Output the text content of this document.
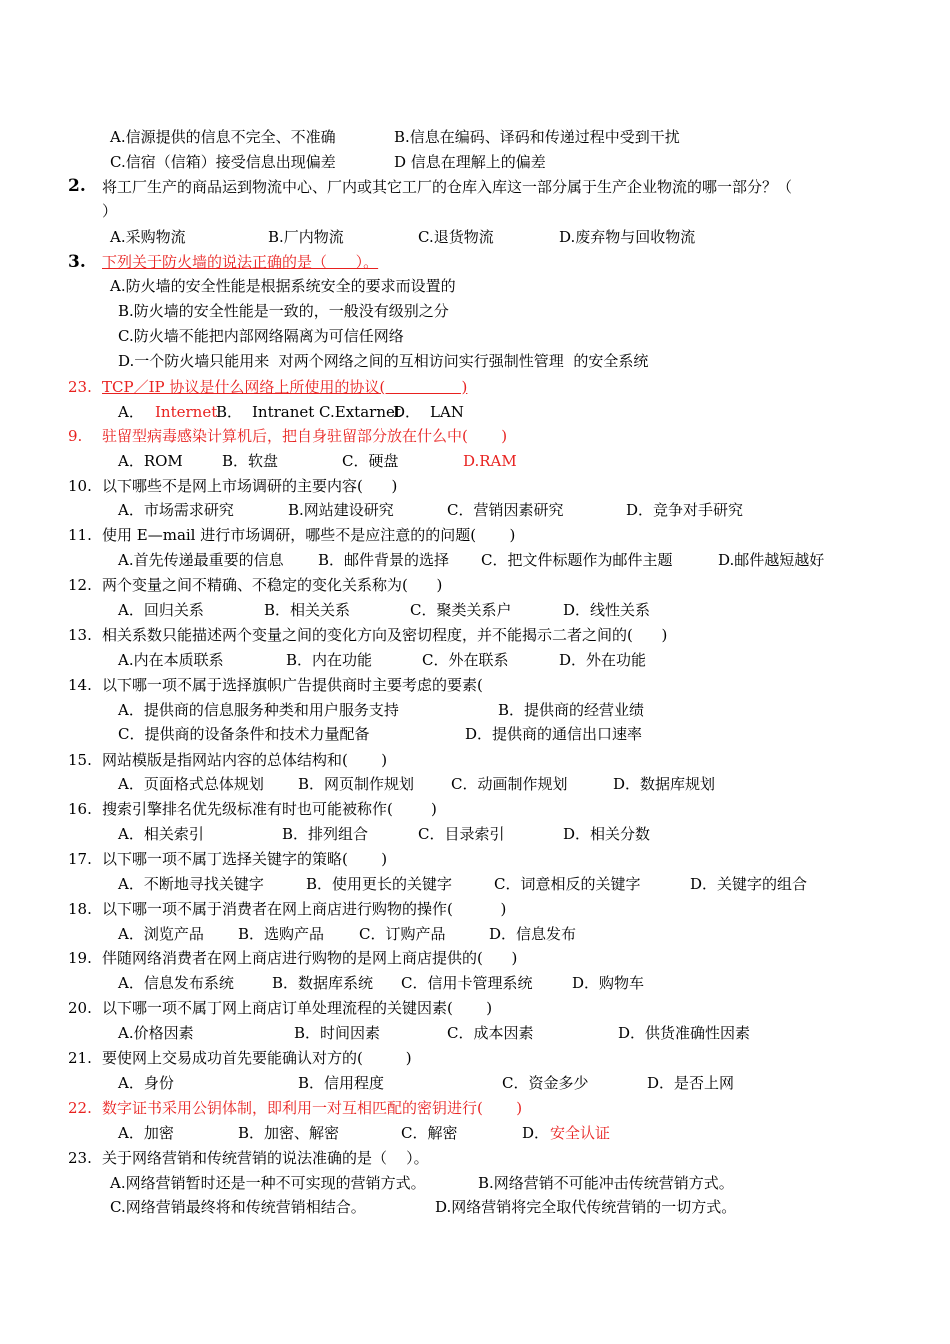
A.信源提供的信息不完全、不准确	B.信息在编码、译码和传递过程中受到干扰
C.信宿（信箱）接受信息出现偏差	D 信息在理解上的偏差
2. 将工厂生产的商品运到物流中心、厂内或其它工厂的仓库入库这一部分属于生产企业物流的哪一部分？（
）
A.采购物流	B.厂内物流	C.退货物流	D.废弃物与回收物流
3. 下列关于防火墙的说法正确的是（      ）。
A.防火墙的安全性能是根据系统安全的要求而设置的
B.防火墙的安全性能是一致的，一般没有级别之分
C.防火墙不能把内部网络隔离为可信任网络
D.一个防火墙只能用来  对两个网络之间的互相访问实行强制性管理  的安全系统
23. TCP／IP 协议是什么网络上所使用的协议(                )
A． Internet
B． Intranet C.Extarnet
D． LAN
9. 驻留型病毒感染计算机后，把自身驻留部分放在什么中(       )
A．ROM	B．软盘	C．硬盘	D.RAM
10. 以下哪些不是网上市场调研的主要内容(      )
A．市场需求研究	B.网站建设研究	C．营销因素研究	D．竞争对手研究
11. 使用 E—mail 进行市场调研，哪些不是应注意的的问题(       )
A.首先传递最重要的信息 B．邮件背景的选择 C．把文件标题作为邮件主题	D.邮件越短越好
12. 两个变量之间不精确、不稳定的变化关系称为(      )
A．回归关系	B．相关关系	C．聚类关系户	D．线性关系
13. 相关系数只能描述两个变量之间的变化方向及密切程度，并不能揭示二者之间的(      )
A.内在本质联系	B．内在功能	C．外在联系	D．外在功能
14. 以下哪一项不属于选择旗帜广告提供商时主要考虑的要素(
A．提供商的信息服务种类和用户服务支持	B．提供商的经营业绩
C．提供商的设备条件和技术力量配备	D．提供商的通信出口速率
15. 网站模版是指网站内容的总体结构和(       )
A．页面格式总体规划 B．网页制作规划 C．动画制作规划	D．数据库规划
16. 搜索引擎排名优先级标准有时也可能被称作(        )
A．相关索引	B．排列组合	C．目录索引	D．相关分数
17. 以下哪一项不属丁选择关键字的策略(       )
A．不断地寻找关键字	B．使用更长的关键字	C．词意相反的关键字	D．关键字的组合
18. 以下哪一项不属于消费者在网上商店进行购物的操作(          )
A．浏览产品 B．选购产品 C．订购产品	D．信息发布
19. 伴随网络消费者在网上商店进行购物的是网上商店提供的(      )
A．信息发布系统	B．数据库系统 C．信用卡管理系统	D．购物车
20. 以下哪一项不属丁网上商店订单处理流程的关键因素(       )
A.价格因素	B．时间因素	C．成本因素	D．供货准确性因素
21. 要使网上交易成功首先要能确认对方的(         )
A．身份	B．信用程度	C．资金多少	D．是否上网
22. 数字证书采用公钥体制，即利用一对互相匹配的密钥进行(       )
A．加密	B．加密、解密	C．解密	D． 安全认证
23. 关于网络营销和传统营销的说法准确的是（    ）。
A.网络营销暂时还是一种不可实现的营销方式。	B.网络营销不可能冲击传统营销方式。
C.网络营销最终将和传统营销相结合。	D.网络营销将完全取代传统营销的一切方式。
